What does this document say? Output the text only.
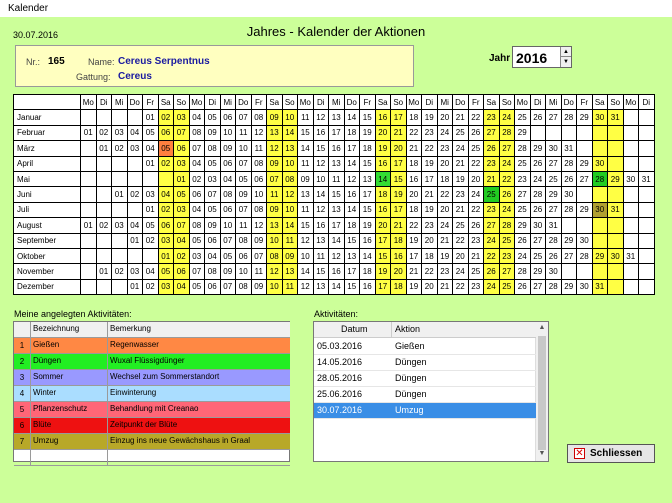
Kalender
30.07.2016	Jahres - Kalender der Aktionen
Nr.: 165	Name: Cereus Serpentnus
Gattung: Cereus
Jahr 2016	▲
▼
	Mo	Di	Mi	Do	Fr	Sa	So	Mo	Di	Mi	Do	Fr	Sa	So	Mo	Di	Mi	Do	Fr	Sa	So	Mo	Di	Mi	Do	Fr	Sa	So	Mo	Di	Mi	Do	Fr	Sa	So	Mo	Di
Januar					01	02	03	04	05	06	07	08	09	10	11	12	13	14	15	16	17	18	19	20	21	22	23	24	25	26	27	28	29	30	31		
Februar	01	02	03	04	05	06	07	08	09	10	11	12	13	14	15	16	17	18	19	20	21	22	23	24	25	26	27	28	29								
März		01	02	03	04	05	06	07	08	09	10	11	12	13	14	15	16	17	18	19	20	21	22	23	24	25	26	27	28	29	30	31					
April					01	02	03	04	05	06	07	08	09	10	11	12	13	14	15	16	17	18	19	20	21	22	23	24	25	26	27	28	29	30			
Mai							01	02	03	04	05	06	07	08	09	10	11	12	13	14	15	16	17	18	19	20	21	22	23	24	25	26	27	28	29	30	31
Juni			01	02	03	04	05	06	07	08	09	10	11	12	13	14	15	16	17	18	19	20	21	22	23	24	25	26	27	28	29	30					
Juli					01	02	03	04	05	06	07	08	09	10	11	12	13	14	15	16	17	18	19	20	21	22	23	24	25	26	27	28	29	30	31		
August	01	02	03	04	05	06	07	08	09	10	11	12	13	14	15	16	17	18	19	20	21	22	23	24	25	26	27	28	29	30	31						
September				01	02	03	04	05	06	07	08	09	10	11	12	13	14	15	16	17	18	19	20	21	22	23	24	25	26	27	28	29	30				
Oktober						01	02	03	04	05	06	07	08	09	10	11	12	13	14	15	16	17	18	19	20	21	22	23	24	25	26	27	28	29	30	31	
November		01	02	03	04	05	06	07	08	09	10	11	12	13	14	15	16	17	18	19	20	21	22	23	24	25	26	27	28	29	30						
Dezember				01	02	03	04	05	06	07	08	09	10	11	12	13	14	15	16	17	18	19	20	21	22	23	24	25	26	27	28	29	30	31			
Meine angelegten Aktivitäten:
Bezeichnung	Bemerkung
1	Gießen	Regenwasser
2	Düngen	Wuxal Flüssigdünger
3	Sommer	Wechsel zum Sommerstandort
4	Winter	Einwinterung
5	Pflanzenschutz	Behandlung mit Creanao
6	Blüte	Zeitpunkt der Blüte
7	Umzug	Einzug ins neue Gewächshaus in Graal
Aktivitäten:
▲
▼
Datum	Aktion
05.03.2016	Gießen
14.05.2016	Düngen
28.05.2016	Düngen
25.06.2016	Düngen
30.07.2016	Umzug
✕ Schliessen
